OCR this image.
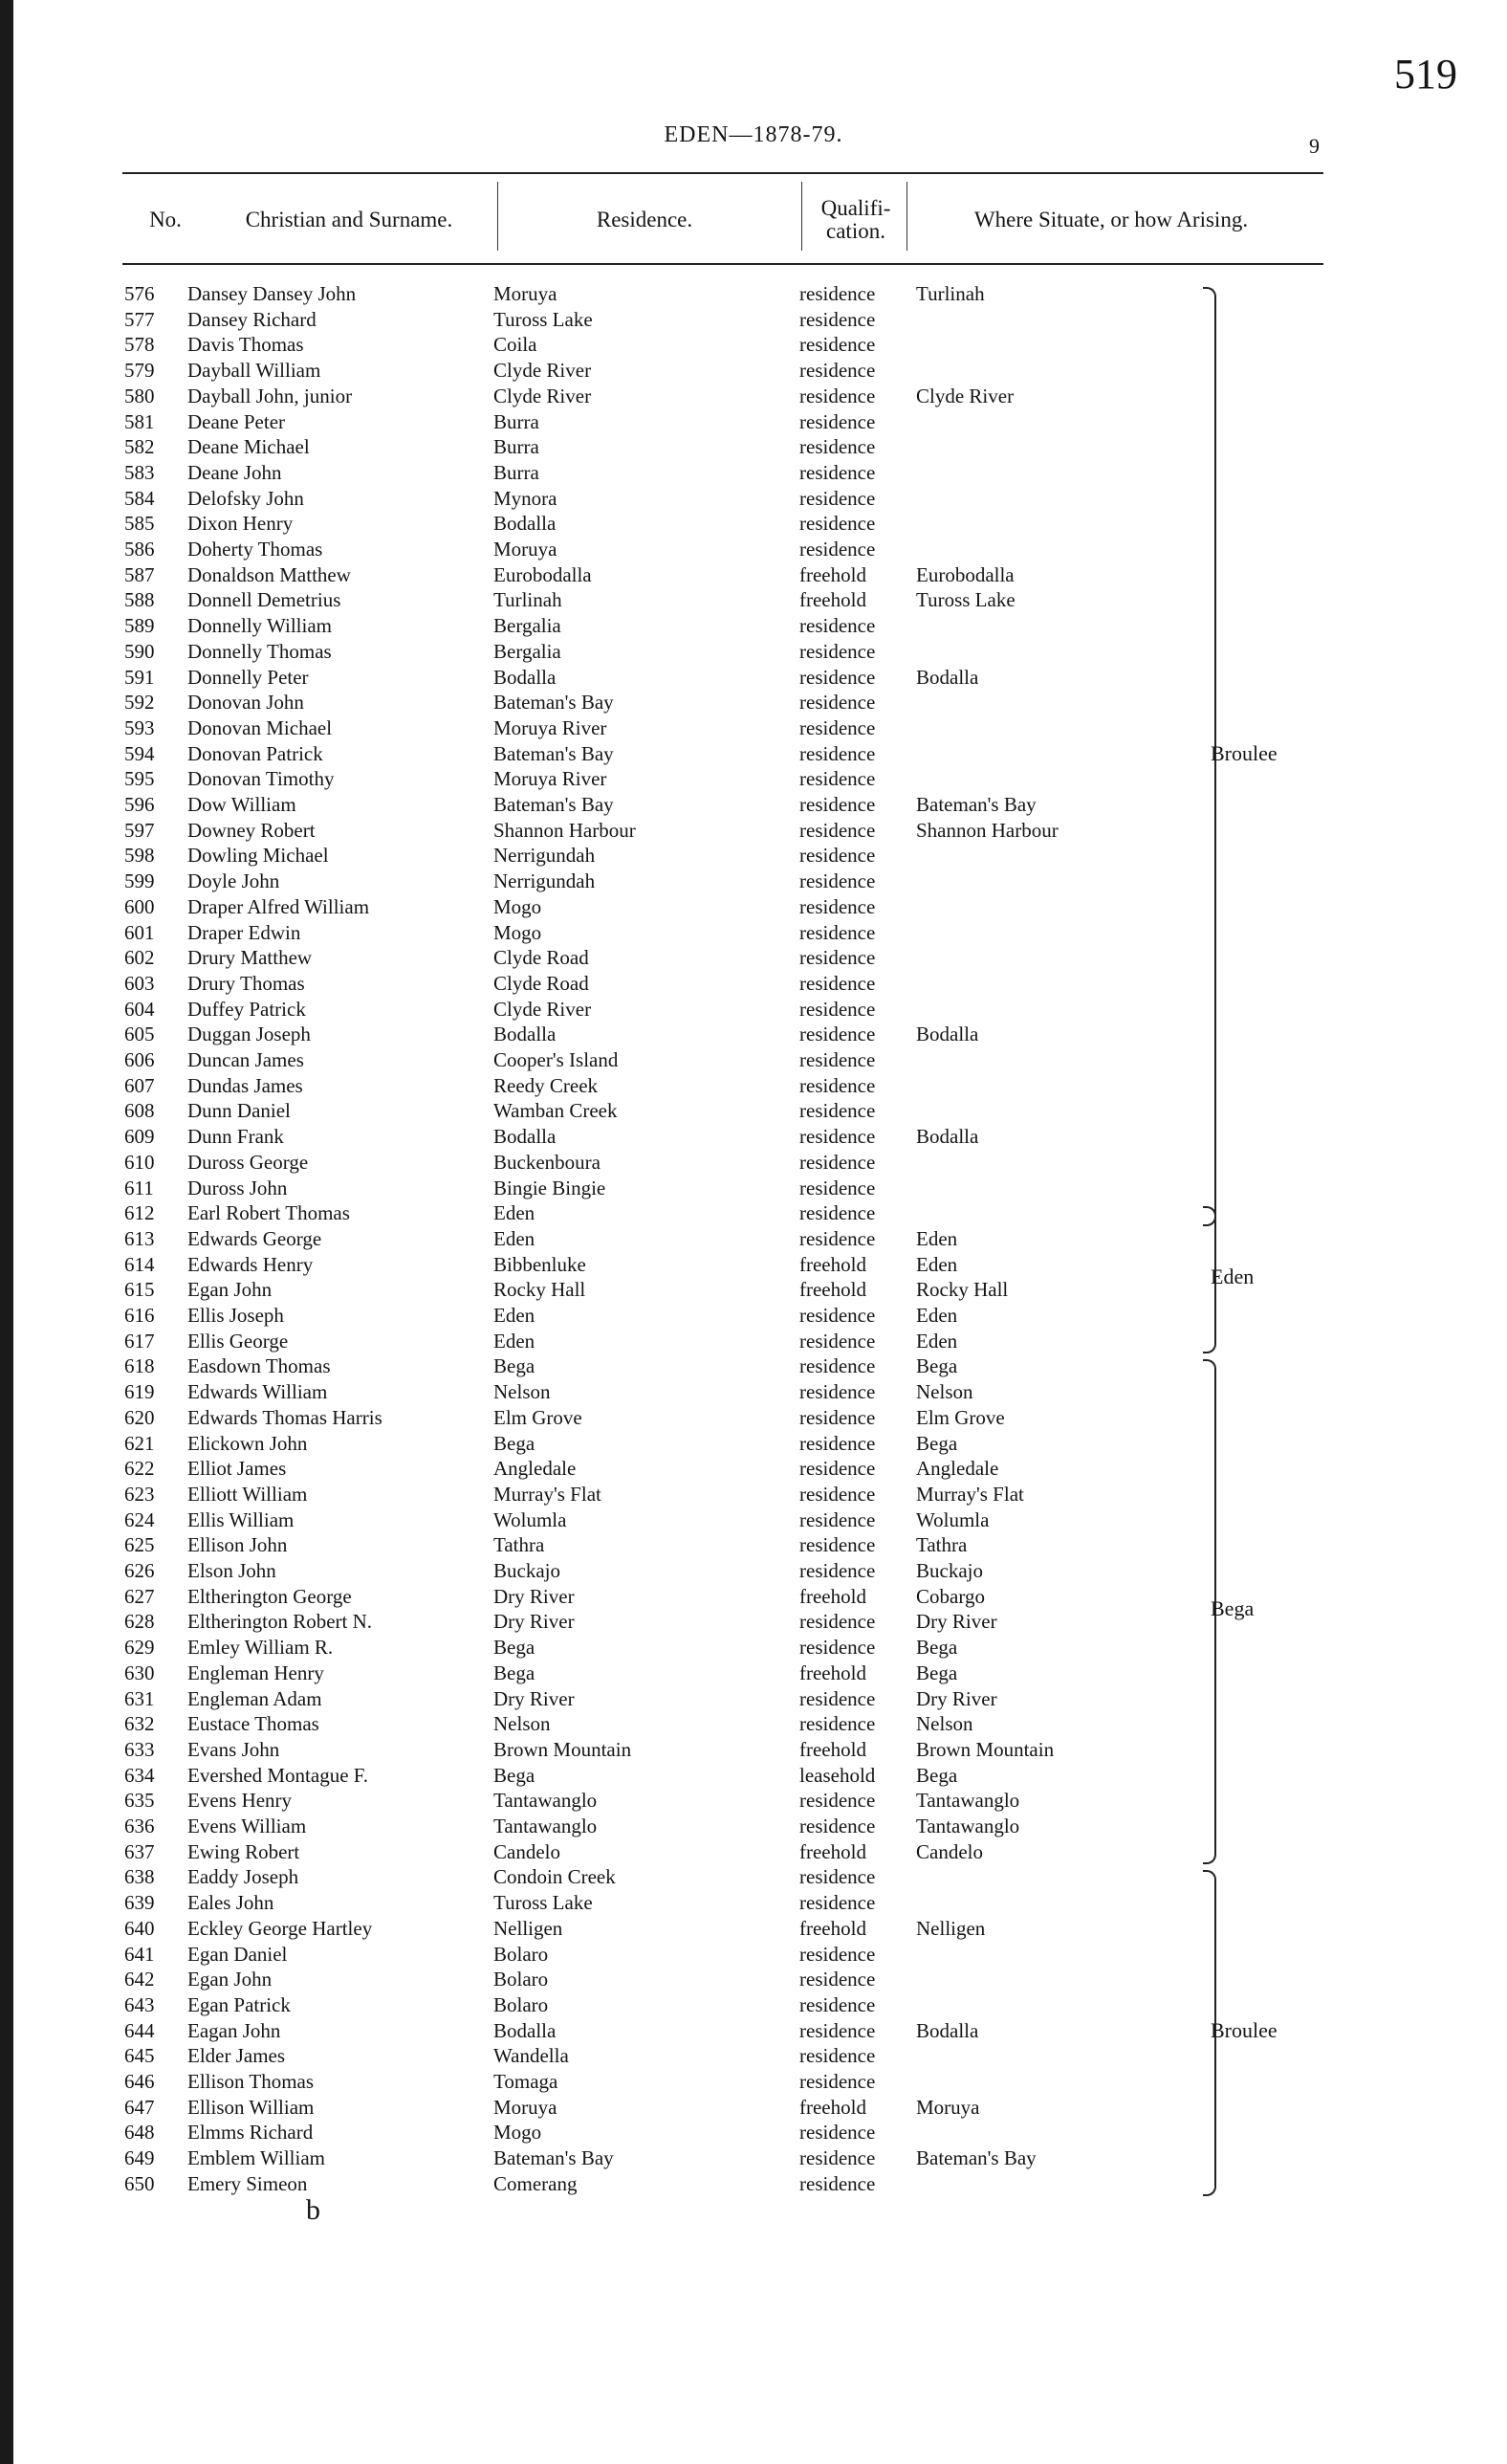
519
EDEN—1878-79.	9
No.	Christian and Surname.	Residence.	Qualifi-
cation.	Where Situate, or how Arising.
576 Dansey Dansey John	Moruya	residence Turlinah
577 Dansey Richard	Tuross Lake	residence
578 Davis Thomas	Coila	residence
579 Dayball William	Clyde River	residence
580 Dayball John, junior	Clyde River	residence Clyde River
581 Deane Peter	Burra	residence
582 Deane Michael	Burra	residence
583 Deane John	Burra	residence
584 Delofsky John	Mynora	residence
585 Dixon Henry	Bodalla	residence
586 Doherty Thomas	Moruya	residence
587 Donaldson Matthew	Eurobodalla	freehold Eurobodalla
588 Donnell Demetrius	Turlinah	freehold Tuross Lake
589 Donnelly William	Bergalia	residence
590 Donnelly Thomas	Bergalia	residence
591 Donnelly Peter	Bodalla	residence Bodalla
592 Donovan John	Bateman's Bay	residence
593 Donovan Michael	Moruya River	residence
594 Donovan Patrick	Bateman's Bay	residence
595 Donovan Timothy	Moruya River	residence
596 Dow William	Bateman's Bay	residence Bateman's Bay
597 Downey Robert	Shannon Harbour	residence Shannon Harbour
598 Dowling Michael	Nerrigundah	residence
599 Doyle John	Nerrigundah	residence
600 Draper Alfred William	Mogo	residence
601 Draper Edwin	Mogo	residence
602 Drury Matthew	Clyde Road	residence
603 Drury Thomas	Clyde Road	residence
604 Duffey Patrick	Clyde River	residence
605 Duggan Joseph	Bodalla	residence Bodalla
606 Duncan James	Cooper's Island	residence
607 Dundas James	Reedy Creek	residence
608 Dunn Daniel	Wamban Creek	residence
609 Dunn Frank	Bodalla	residence Bodalla
610 Duross George	Buckenboura	residence
611 Duross John	Bingie Bingie	residence
612 Earl Robert Thomas	Eden	residence
613 Edwards George	Eden	residence Eden
614 Edwards Henry	Bibbenluke	freehold Eden
615 Egan John	Rocky Hall	freehold Rocky Hall
616 Ellis Joseph	Eden	residence Eden
617 Ellis George	Eden	residence Eden
618 Easdown Thomas	Bega	residence Bega
619 Edwards William	Nelson	residence Nelson
620 Edwards Thomas Harris	Elm Grove	residence Elm Grove
621 Elickown John	Bega	residence Bega
622 Elliot James	Angledale	residence Angledale
623 Elliott William	Murray's Flat	residence Murray's Flat
624 Ellis William	Wolumla	residence Wolumla
625 Ellison John	Tathra	residence Tathra
626 Elson John	Buckajo	residence Buckajo
627 Eltherington George	Dry River	freehold Cobargo
628 Eltherington Robert N.	Dry River	residence Dry River
629 Emley William R.	Bega	residence Bega
630 Engleman Henry	Bega	freehold Bega
631 Engleman Adam	Dry River	residence Dry River
632 Eustace Thomas	Nelson	residence Nelson
633 Evans John	Brown Mountain	freehold Brown Mountain
634 Evershed Montague F.	Bega	leasehold Bega
635 Evens Henry	Tantawanglo	residence Tantawanglo
636 Evens William	Tantawanglo	residence Tantawanglo
637 Ewing Robert	Candelo	freehold Candelo
638 Eaddy Joseph	Condoin Creek	residence
639 Eales John	Tuross Lake	residence
640 Eckley George Hartley	Nelligen	freehold Nelligen
641 Egan Daniel	Bolaro	residence
642 Egan John	Bolaro	residence
643 Egan Patrick	Bolaro	residence
644 Eagan John	Bodalla	residence Bodalla
645 Elder James	Wandella	residence
646 Ellison Thomas	Tomaga	residence
647 Ellison William	Moruya	freehold Moruya
648 Elmms Richard	Mogo	residence
649 Emblem William	Bateman's Bay	residence Bateman's Bay
650 Emery Simeon	Comerang	residence
Broulee
Eden
Bega
Broulee
b
